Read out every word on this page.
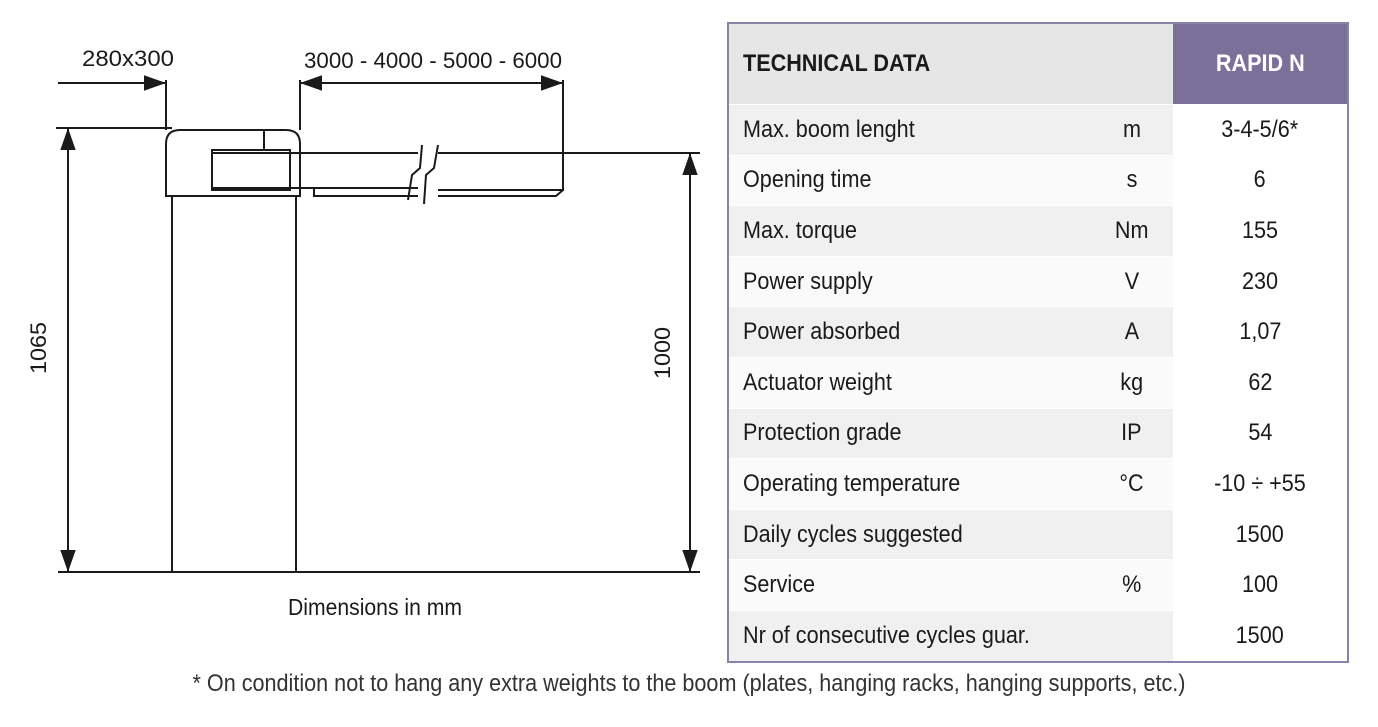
280x300	3000 - 4000 - 5000 - 6000
1065	1000
Dimensions in mm
TECHNICAL DATA		RAPID N
Max. boom lenght	m	3-4-5/6*
Opening time	s	6
Max. torque	Nm	155
Power supply	V	230
Power absorbed	A	1,07
Actuator weight	kg	62
Protection grade	IP	54
Operating temperature	°C	-10 ÷ +55
Daily cycles suggested		1500
Service	%	100
Nr of consecutive cycles guar.		1500
* On condition not to hang any extra weights to the boom (plates, hanging racks, hanging supports, etc.)
